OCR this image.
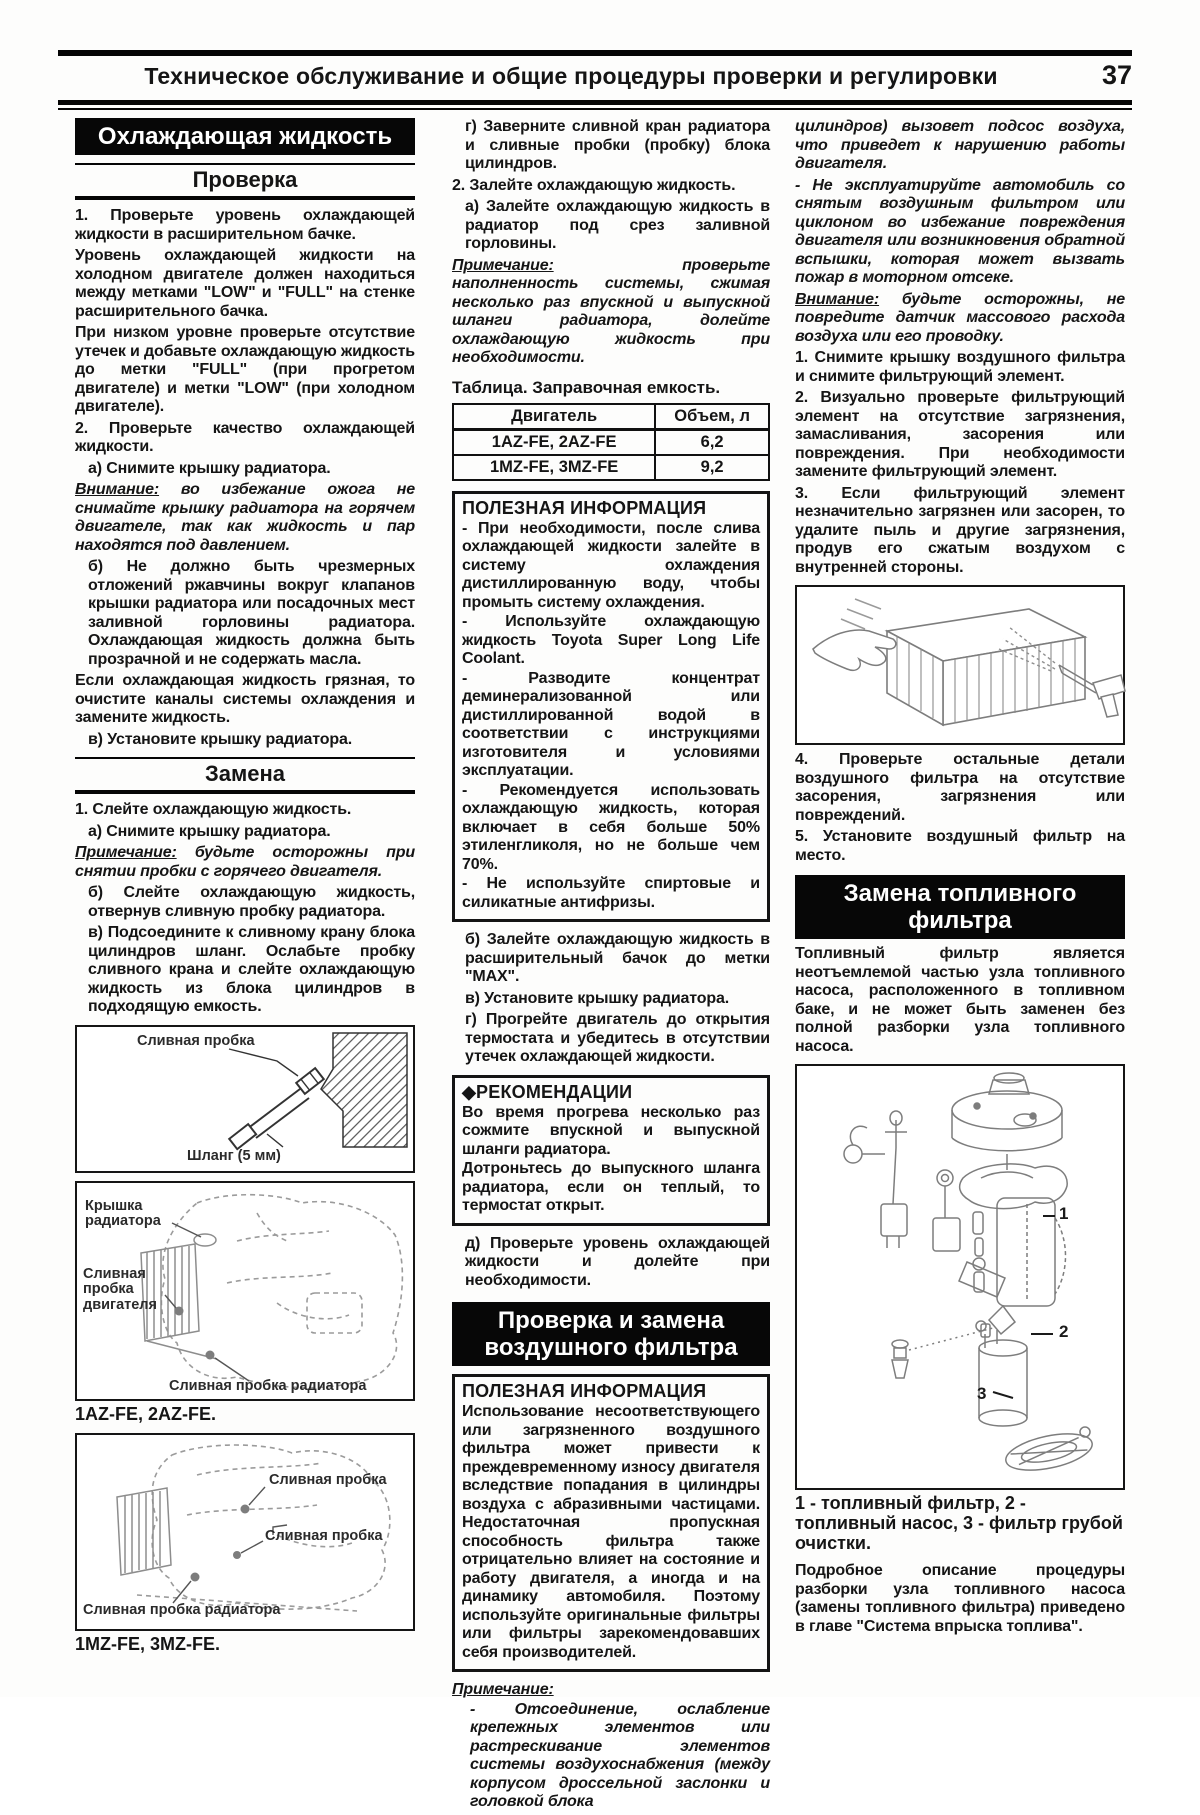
Техническое обслуживание и общие процедуры проверки и регулировки	37
Охлаждающая жидкость
Проверка

1. Проверьте уровень охлаждающей жидкости в расширительном бачке.

Уровень охлаждающей жидкости на холодном двигателе должен находиться между метками "LOW" и "FULL" на стенке расширительного бачка.

При низком уровне проверьте отсутствие утечек и добавьте охлаждающую жидкость до метки "FULL" (при прогретом двигателе) и метки "LOW" (при холодном двигателе).

2. Проверьте качество охлаждающей жидкости.

а) Снимите крышку радиатора.

Внимание: во избежание ожога не снимайте крышку радиатора на горячем двигателе, так как жидкость и пар находятся под давлением.

б) Не должно быть чрезмерных отложений ржавчины вокруг клапанов крышки радиатора или посадочных мест заливной горловины радиатора. Охлаждающая жидкость должна быть прозрачной и не содержать масла.

Если охлаждающая жидкость грязная, то очистите каналы системы охлаждения и замените жидкость.

в) Установите крышку радиатора.

Замена

1. Слейте охлаждающую жидкость.

а) Снимите крышку радиатора.

Примечание: будьте осторожны при снятии пробки с горячего двигателя.

б) Слейте охлаждающую жидкость, отвернув сливную пробку радиатора.

в) Подсоедините к сливному крану блока цилиндров шланг. Ослабьте пробку сливного крана и слейте охлаждающую жидкость из блока цилиндров в подходящую емкость.

Сливная пробка
Шланг (5 мм)
Крышка радиатора
Сливная пробка двигателя
Сливная пробка радиатора
1AZ-FE, 2AZ-FE.
Сливная пробка
Сливная пробка
Сливная пробка радиатора
1MZ-FE, 3MZ-FE.

г) Заверните сливной кран радиатора и сливные пробки (пробку) блока цилиндров.

2. Залейте охлаждающую жидкость.

а) Залейте охлаждающую жидкость в радиатор под срез заливной горловины.

Примечание:	проверьте наполненность системы, сжимая несколько раз впускной и выпускной шланги радиатора, долейте охлаждающую жидкость при необходимости.

Таблица. Заправочная емкость.
Двигатель	Объем, л
1AZ-FE, 2AZ-FE	6,2
1MZ-FE, 3MZ-FE	9,2
ПОЛЕЗНАЯ ИНФОРМАЦИЯ

- При необходимости, после слива охлаждающей жидкости залейте в систему охлаждения дистиллированную воду, чтобы промыть систему охлаждения.

- Используйте охлаждающую жидкость Toyota Super Long Life Coolant.

- Разводите концентрат деминерализованной или дистиллированной водой в соответствии с инструкциями изготовителя и условиями эксплуатации.

- Рекомендуется использовать охлаждающую жидкость, которая включает в себя больше 50% этиленгликоля, но не больше чем 70%.

- Не используйте спиртовые и силикатные антифризы.

б) Залейте охлаждающую жидкость в расширительный бачок до метки "MAX".

в) Установите крышку радиатора.

г) Прогрейте двигатель до открытия термостата и убедитесь в отсутствии утечек охлаждающей жидкости.

◆РЕКОМЕНДАЦИИ

Во время прогрева несколько раз сожмите впускной и выпускной шланги радиатора.

Дотроньтесь до выпускного шланга радиатора, если он теплый, то термостат открыт.

д) Проверьте уровень охлаждающей жидкости и долейте при необходимости.

Проверка и замена воздушного фильтра
ПОЛЕЗНАЯ ИНФОРМАЦИЯ

Использование несоответствующего или загрязненного воздушного фильтра может привести к преждевременному износу двигателя вследствие попадания в цилиндры воздуха с абразивными частицами. Недостаточная пропускная способность фильтра также отрицательно влияет на состояние и работу двигателя, а иногда и на динамику автомобиля. Поэтому используйте оригинальные фильтры или фильтры зарекомендовавших себя производителей.

Примечание:

- Отсоединение, ослабление крепежных элементов или растрескивание элементов системы воздухоснабжения (между корпусом дроссельной заслонки и головкой блока

цилиндров) вызовет подсос воздуха, что приведет к нарушению работы двигателя.

- Не эксплуатируйте автомобиль со снятым воздушным фильтром или циклоном во избежание повреждения двигателя или возникновения обратной вспышки, которая может вызвать пожар в моторном отсеке.

Внимание: будьте осторожны, не повредите датчик массового расхода воздуха или его проводку.

1. Снимите крышку воздушного фильтра и снимите фильтрующий элемент.

2. Визуально проверьте фильтрующий элемент на отсутствие загрязнения, замасливания, засорения или повреждения. При необходимости замените фильтрующий элемент.

3. Если фильтрующий элемент незначительно загрязнен или засорен, то удалите пыль и другие загрязнения, продув его сжатым воздухом с внутренней стороны.

4. Проверьте остальные детали воздушного фильтра на отсутствие засорения, загрязнения или повреждений.

5. Установите воздушный фильтр на место.

Замена топливного фильтра

Топливный фильтр является неотъемлемой частью узла топливного насоса, расположенного в топливном баке, и не может быть заменен без полной разборки узла топливного насоса.

1
2
3
1 - топливный фильтр, 2 - топливный насос, 3 - фильтр грубой очистки.

Подробное описание процедуры разборки узла топливного насоса (замены топливного фильтра) приведено в главе "Система впрыска топлива".
